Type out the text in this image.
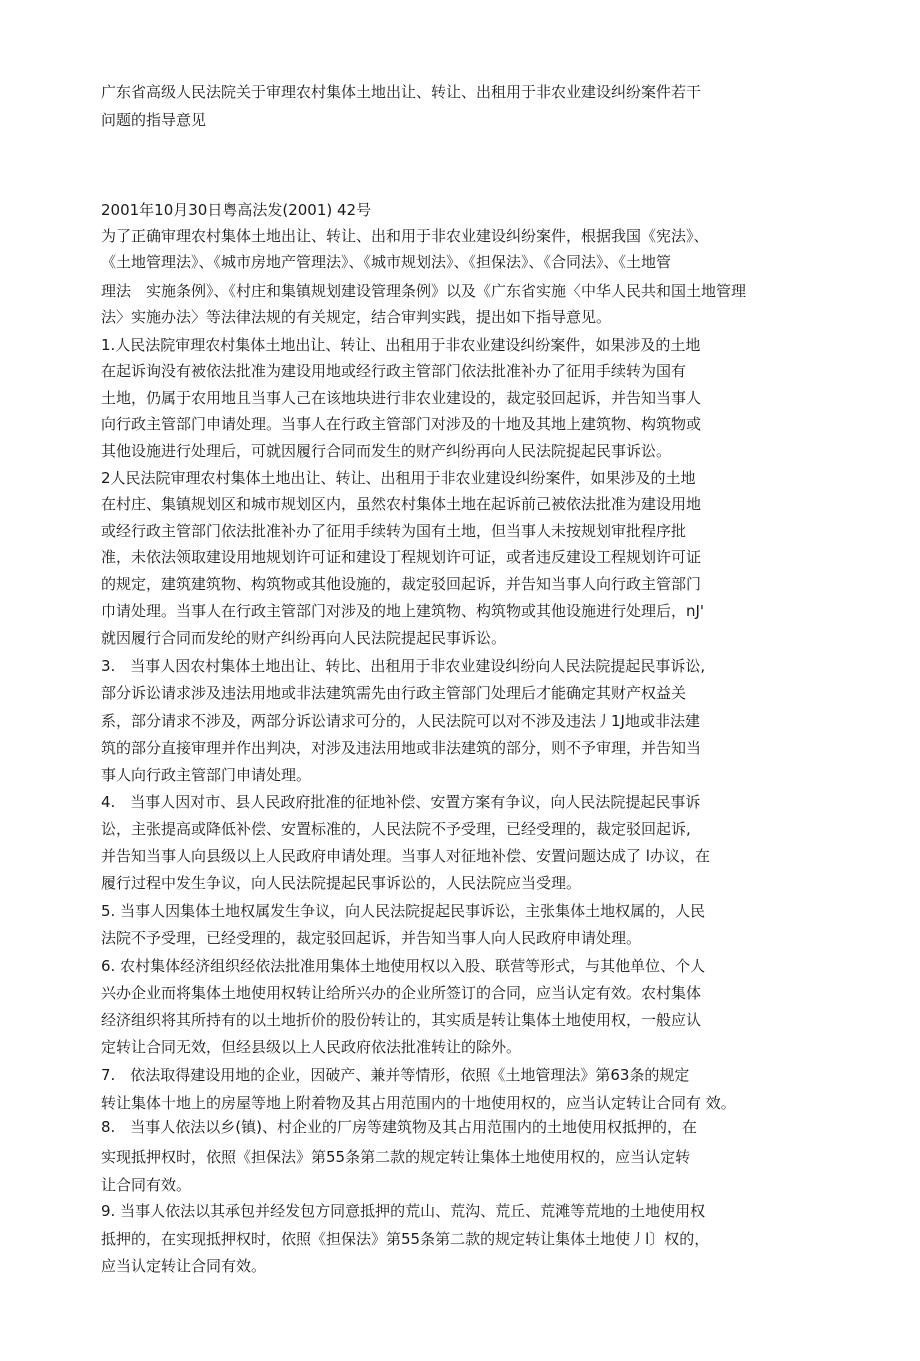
广东省高级人民法院关于审理农村集体土地出让、转让、出租用于非农业建设纠纷案件若干
问题的指导意见
2001年10月30日粤高法发(2001) 42号
为了正确审理农村集体土地出让、转让、出和用于非农业建设纠纷案件，根据我国《宪法》、
《土地管理法》、《城市房地产管理法》、《城市规划法》、《担保法》、《合同法》、《土地管
理法　实施条例》、《村庄和集镇规划建设管理条例》以及《广东省实施〈中华人民共和国土地管理
法〉实施办法〉等法律法规的有关规定，结合审判实践，提出如下指导意见。
1.人民法院审理农村集体土地出让、转让、出租用于非农业建设纠纷案件，如果涉及的土地
在起诉询没有被依法批准为建设用地或经行政主管部门依法批准补办了征用手续转为国有
土地，仍属于农用地且当事人己在该地块进行非农业建设的，裁定驳回起诉，并告知当事人
向行政主管部门申请处理。当事人在行政主管部门对涉及的十地及其地上建筑物、构筑物或
其他设施进行处理后，可就因履行合同而发生的财产纠纷再向人民法院捉起民事诉讼。
2人民法院审理农村集体土地出让、转让、出租用于非农业建设纠纷案件，如果涉及的土地
在村庄、集镇规划区和城市规划区内，虽然农村集体土地在起诉前己被依法批准为建设用地
或经行政主管部门依法批准补办了征用手续转为国有土地，但当事人未按规划审批程序批
准，未依法领取建设用地规划许可证和建设丁程规划许可证，或者违反建设工程规划许可证
的规定，建筑建筑物、构筑物或其他设施的，裁定驳回起诉，并告知当事人向行政主管部门
巾请处理。当事人在行政主管部门对涉及的地上建筑物、构筑物或其他设施进行处理后，nJ'
就因履行合同而发纶的财产纠纷再向人民法院提起民事诉讼。
3.　当事人因农村集体土地出让、转比、出租用于非农业建设纠纷向人民法院提起民事诉讼,
部分诉讼请求涉及违法用地或非法建筑需先由行政主管部门处理后才能确定其财产权益关
系，部分请求不涉及，两部分诉讼请求可分的，人民法院可以对不涉及违法丿1J地或非法建
筑的部分直接审理并作出判决，对涉及违法用地或非法建筑的部分，则不予审理，并告知当
事人向行政主管部门申请处理。
4.　当事人因对市、县人民政府批准的征地补偿、安置方案有争议，向人民法院提起民事诉
讼，主张提高或降低补偿、安置标准的，人民法院不予受理，已经受理的，裁定驳回起诉,
并告知当事人向县级以上人民政府申请处理。当事人对征地补偿、安置问题达成了 l办议，在
履行过程中发生争议，向人民法院提起民事诉讼的，人民法院应当受理。
5. 当事人因集体土地权属发生争议，向人民法院捉起民事诉讼，主张集体土地权属的，人民
法院不予受理，已经受理的，裁定驳回起诉，并告知当事人向人民政府申请处理。
6. 农村集体经济组织经依法批准用集体土地使用权以入股、联营等形式，与其他单位、个人
兴办企业而将集体土地使用权转让给所兴办的企业所签订的合同，应当认定有效。农村集体
经济组织将其所持有的以土地折价的股份转让的，其实质是转让集体土地使用权，一般应认
定转让合同无效，但经县级以上人民政府依法批准转让的除外。
7.　依法取得建设用地的企业，因破产、兼并等情形，依照《土地管理法》第63条的规定
转让集体十地上的房屋等地上附着物及其占用范围内的十地使用权的，应当认定转让合同有 效。
8.　当事人依法以乡(镇)、村企业的厂房等建筑物及其占用范围内的土地使用权抵押的，在
实现抵押权时，依照《担保法》第55条第二款的规定转让集体土地使用权的，应当认定转
让合同有效。
9. 当事人依法以其承包并经发包方同意抵押的荒山、荒沟、荒丘、荒滩等荒地的土地使用权
抵押的，在实现抵押权时，依照《担保法》第55条第二款的规定转让集体土地使丿l〕权的，
应当认定转让合同有效。
